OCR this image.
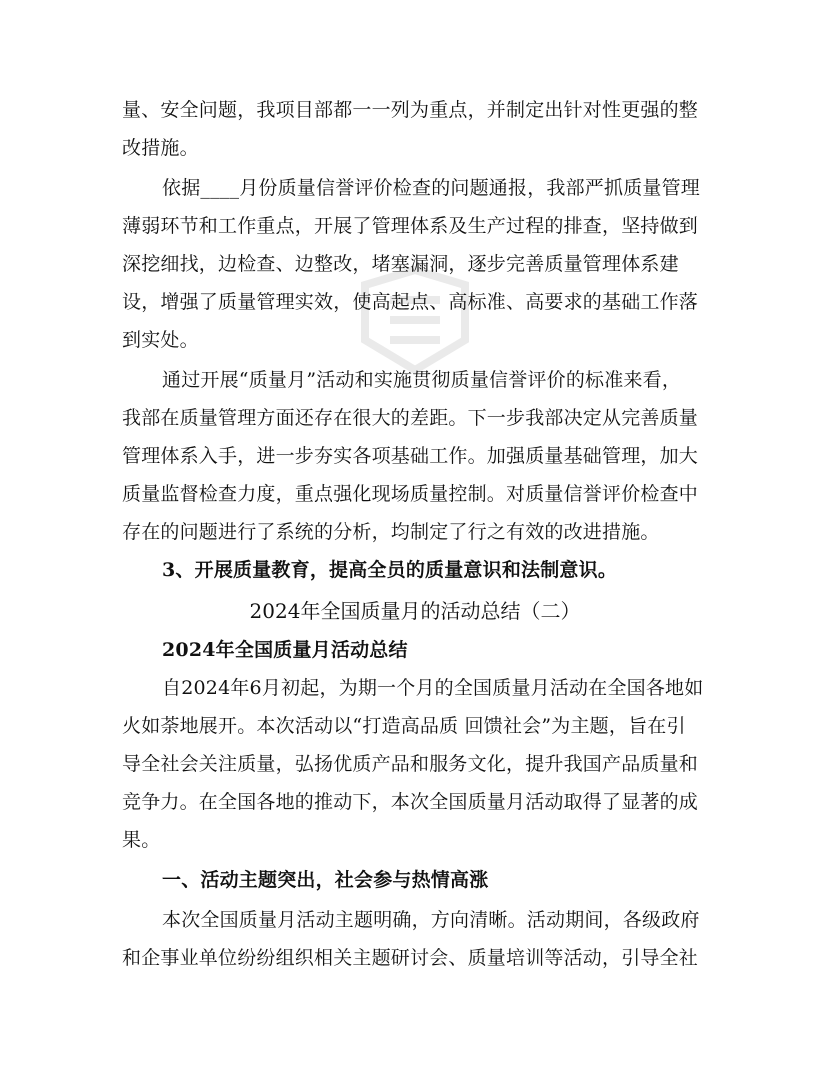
量、安全问题，我项目部都一一列为重点，并制定出针对性更强的整
改措施。
依据____月份质量信誉评价检查的问题通报，我部严抓质量管理
薄弱环节和工作重点，开展了管理体系及生产过程的排查，坚持做到
深挖细找，边检查、边整改，堵塞漏洞，逐步完善质量管理体系建
设，增强了质量管理实效，使高起点、高标准、高要求的基础工作落
到实处。
通过开展“质量月”活动和实施贯彻质量信誉评价的标准来看，
我部在质量管理方面还存在很大的差距。下一步我部决定从完善质量
管理体系入手，进一步夯实各项基础工作。加强质量基础管理，加大
质量监督检查力度，重点强化现场质量控制。对质量信誉评价检查中
存在的问题进行了系统的分析，均制定了行之有效的改进措施。
3、开展质量教育，提高全员的质量意识和法制意识。
2024年全国质量月的活动总结（二）
2024年全国质量月活动总结
自2024年6月初起，为期一个月的全国质量月活动在全国各地如
火如荼地展开。本次活动以“打造高品质 回馈社会”为主题，旨在引
导全社会关注质量，弘扬优质产品和服务文化，提升我国产品质量和
竞争力。在全国各地的推动下，本次全国质量月活动取得了显著的成
果。
一、活动主题突出，社会参与热情高涨
本次全国质量月活动主题明确，方向清晰。活动期间，各级政府
和企事业单位纷纷组织相关主题研讨会、质量培训等活动，引导全社
